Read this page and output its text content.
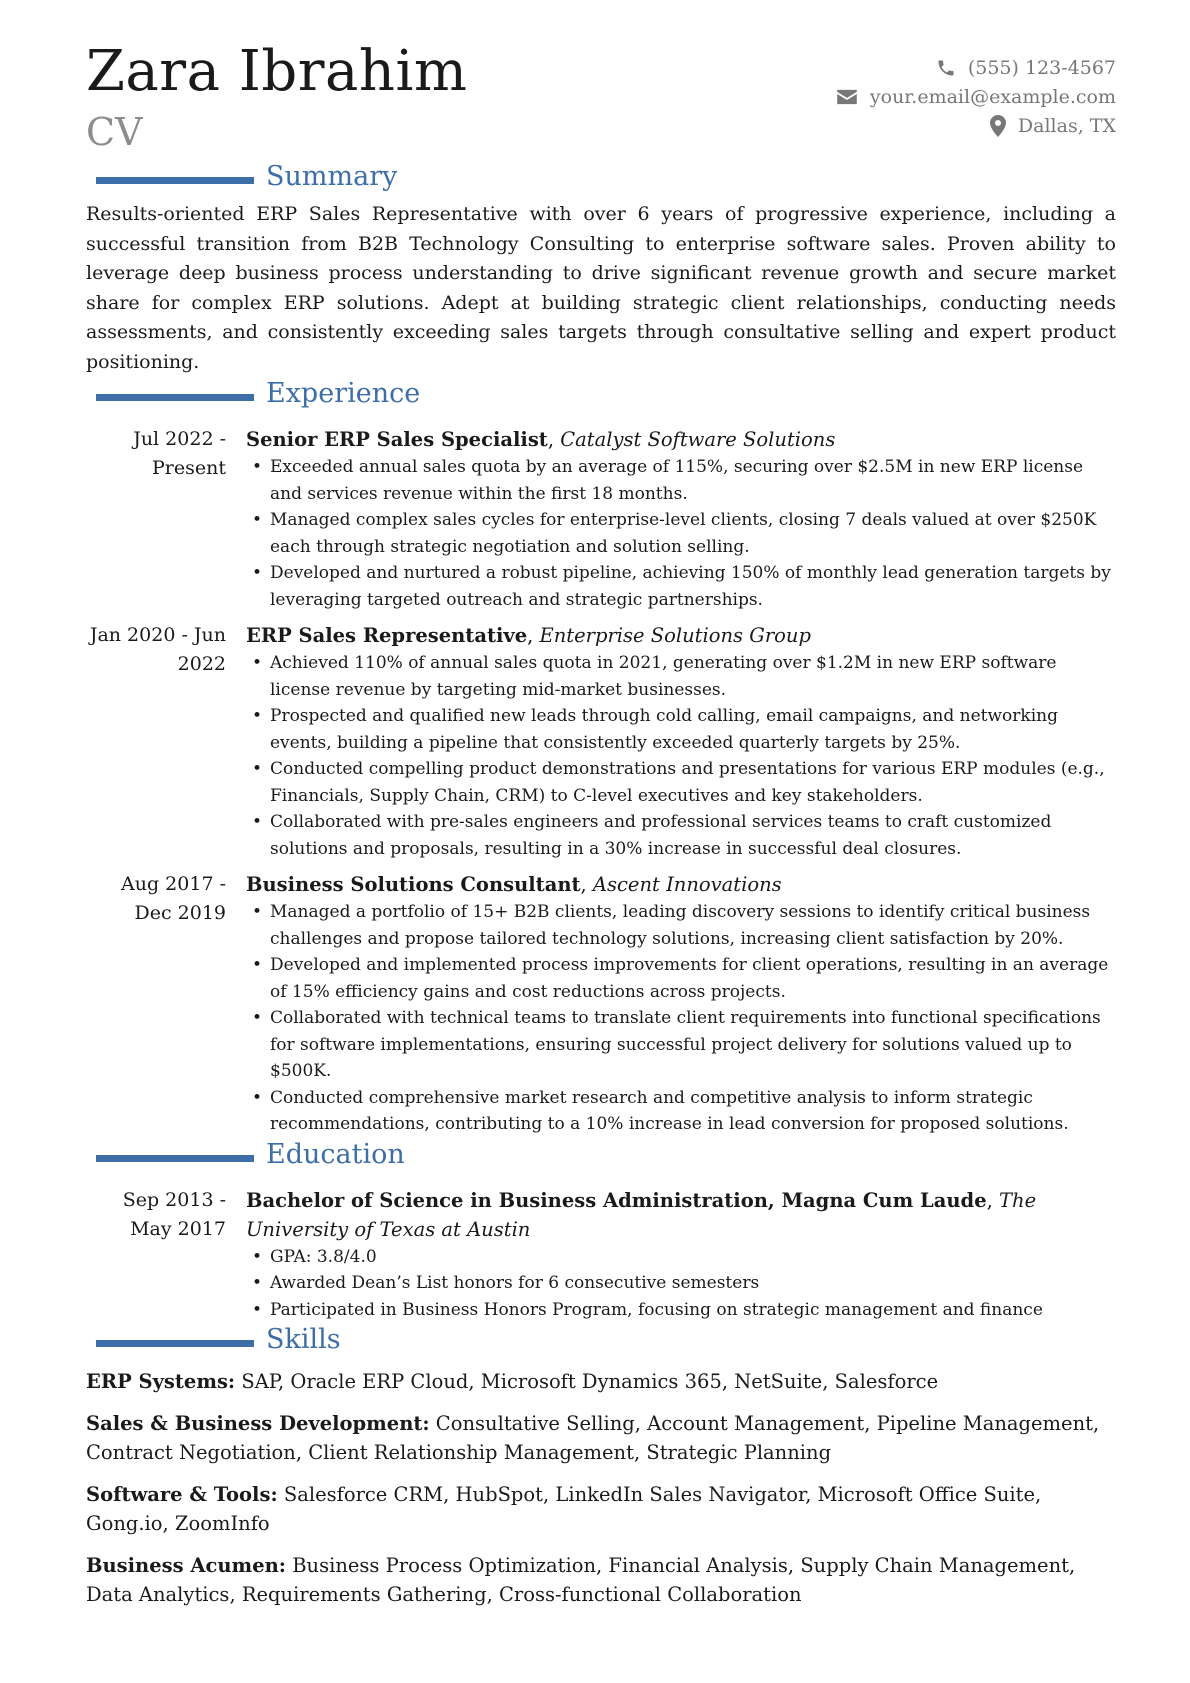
Zara Ibrahim
CV
(555) 123-4567
your.email@example.com
Dallas, TX
Summary

Results-oriented ERP Sales Representative with over 6 years of progressive experience, including a successful transition from B2B Technology Consulting to enterprise software sales. Proven ability to leverage deep business process understanding to drive significant revenue growth and secure market share for complex ERP solutions. Adept at building strategic client relationships, conducting needs assessments, and consistently exceeding sales targets through consultative selling and expert product positioning.

Experience
Jul 2022 - Present
Senior ERP Sales Specialist, Catalyst Software Solutions
• Exceeded annual sales quota by an average of 115%, securing over $2.5M in new ERP license and services revenue within the first 18 months.
• Managed complex sales cycles for enterprise-level clients, closing 7 deals valued at over $250K each through strategic negotiation and solution selling.
• Developed and nurtured a robust pipeline, achieving 150% of monthly lead generation targets by leveraging targeted outreach and strategic partnerships.
Jan 2020 - Jun 2022
ERP Sales Representative, Enterprise Solutions Group
• Achieved 110% of annual sales quota in 2021, generating over $1.2M in new ERP software license revenue by targeting mid-market businesses.
• Prospected and qualified new leads through cold calling, email campaigns, and networking events, building a pipeline that consistently exceeded quarterly targets by 25%.
• Conducted compelling product demonstrations and presentations for various ERP modules (e.g., Financials, Supply Chain, CRM) to C-level executives and key stakeholders.
• Collaborated with pre-sales engineers and professional services teams to craft customized solutions and proposals, resulting in a 30% increase in successful deal closures.
Aug 2017 - Dec 2019
Business Solutions Consultant, Ascent Innovations
• Managed a portfolio of 15+ B2B clients, leading discovery sessions to identify critical business challenges and propose tailored technology solutions, increasing client satisfaction by 20%.
• Developed and implemented process improvements for client operations, resulting in an average of 15% efficiency gains and cost reductions across projects.
• Collaborated with technical teams to translate client requirements into functional specifications for software implementations, ensuring successful project delivery for solutions valued up to $500K.
• Conducted comprehensive market research and competitive analysis to inform strategic recommendations, contributing to a 10% increase in lead conversion for proposed solutions.
Education
Sep 2013 - May 2017
Bachelor of Science in Business Administration, Magna Cum Laude, The University of Texas at Austin
• GPA: 3.8/4.0
• Awarded Dean’s List honors for 6 consecutive semesters
• Participated in Business Honors Program, focusing on strategic management and finance
Skills
ERP Systems: SAP, Oracle ERP Cloud, Microsoft Dynamics 365, NetSuite, Salesforce
Sales & Business Development: Consultative Selling, Account Management, Pipeline Management, Contract Negotiation, Client Relationship Management, Strategic Planning
Software & Tools: Salesforce CRM, HubSpot, LinkedIn Sales Navigator, Microsoft Office Suite, Gong.io, ZoomInfo
Business Acumen: Business Process Optimization, Financial Analysis, Supply Chain Management, Data Analytics, Requirements Gathering, Cross-functional Collaboration
